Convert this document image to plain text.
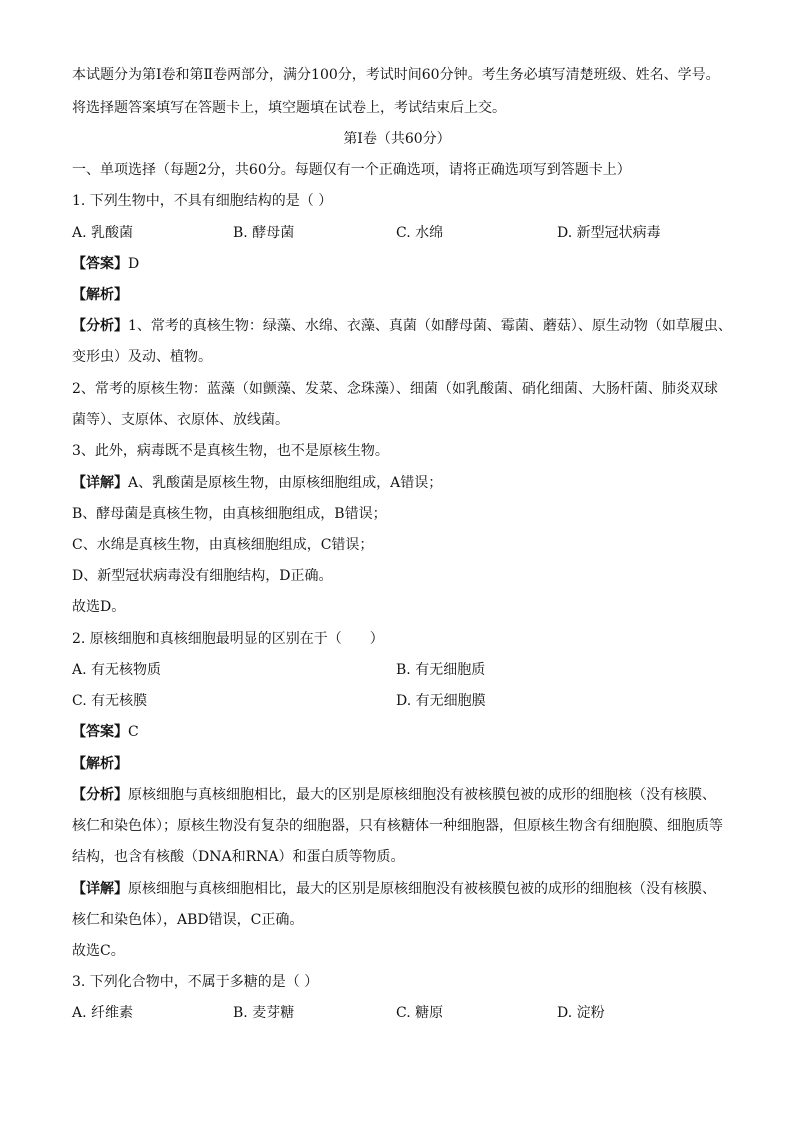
本试题分为第Ⅰ卷和第Ⅱ卷两部分，满分100分，考试时间60分钟。考生务必填写清楚班级、姓名、学号。
将选择题答案填写在答题卡上，填空题填在试卷上，考试结束后上交。
第Ⅰ卷（共60分）
一、单项选择（每题2分，共60分。每题仅有一个正确选项，请将正确选项写到答题卡上）
1. 下列生物中，不具有细胞结构的是（ ）
A. 乳酸菌	B. 酵母菌	C. 水绵	D. 新型冠状病毒
【答案】D
【解析】
【分析】1、常考的真核生物：绿藻、水绵、衣藻、真菌（如酵母菌、霉菌、蘑菇）、原生动物（如草履虫、
变形虫）及动、植物。
2、常考的原核生物：蓝藻（如颤藻、发菜、念珠藻）、细菌（如乳酸菌、硝化细菌、大肠杆菌、肺炎双球
菌等）、支原体、衣原体、放线菌。
3、此外，病毒既不是真核生物，也不是原核生物。
【详解】A、乳酸菌是原核生物，由原核细胞组成，A错误；
B、酵母菌是真核生物，由真核细胞组成，B错误；
C、水绵是真核生物，由真核细胞组成，C错误；
D、新型冠状病毒没有细胞结构，D正确。
故选D。
2. 原核细胞和真核细胞最明显的区别在于（　　）
A. 有无核物质	B. 有无细胞质
C. 有无核膜	D. 有无细胞膜
【答案】C
【解析】
【分析】原核细胞与真核细胞相比，最大的区别是原核细胞没有被核膜包被的成形的细胞核（没有核膜、
核仁和染色体）；原核生物没有复杂的细胞器，只有核糖体一种细胞器，但原核生物含有细胞膜、细胞质等
结构，也含有核酸（DNA和RNA）和蛋白质等物质。
【详解】原核细胞与真核细胞相比，最大的区别是原核细胞没有被核膜包被的成形的细胞核（没有核膜、
核仁和染色体），ABD错误，C正确。
故选C。
3. 下列化合物中，不属于多糖的是（ ）
A. 纤维素	B. 麦芽糖	C. 糖原	D. 淀粉
